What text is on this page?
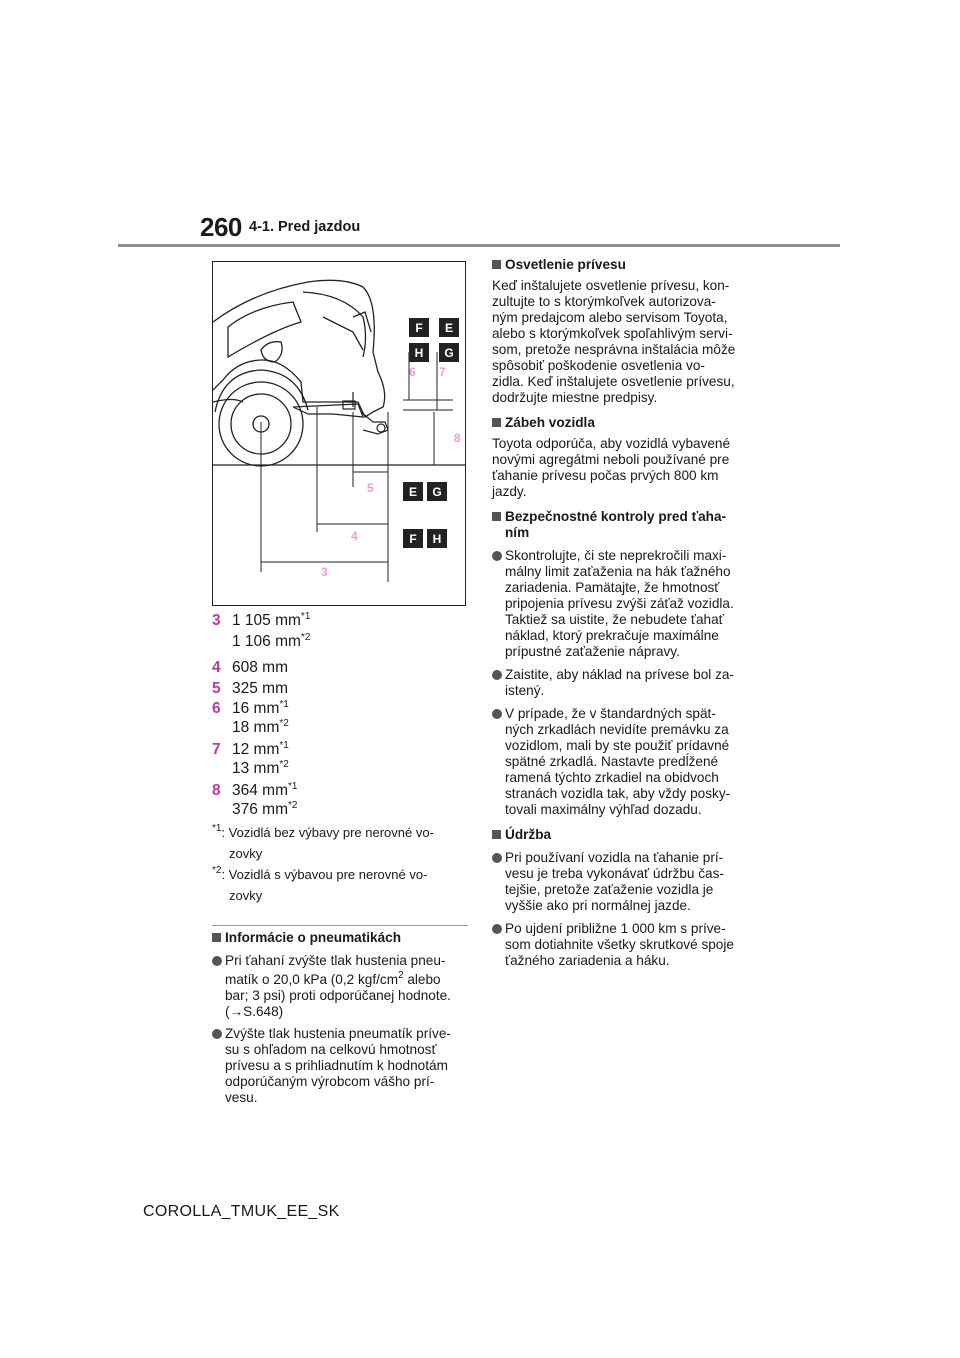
260 4-1. Pred jazdou
6 7
8
5
4
3
F E
H G
E G
F H
3 1 105 $mm^{*1}$
1 106 $mm^{*2}$
4 608 mm
5 325 mm
6 16 $mm^{*1}$
18 $mm^{*2}$
7 12 $mm^{*1}$
13 $mm^{*2}$
8 364 $mm^{*1}$
376 $mm^{*2}$
$^{*1}$: Vozidlá bez výbavy pre nerovné vo-
zovky
$^{*2}$: Vozidlá s výbavou pre nerovné vo-
zovky
Informácie o pneumatikách
Pri ťahaní zvýšte tlak hustenia pneu-
matík o 20,0 kPa (0,2 kgf/$cm^2$ alebo
bar; 3 psi) proti odporúčanej hodnote.
(→S.648)
Zvýšte tlak hustenia pneumatík príve-
su s ohľadom na celkovú hmotnosť
prívesu a s prihliadnutím k hodnotám
odporúčaným výrobcom vášho prí-
vesu.
Osvetlenie prívesu
Keď inštalujete osvetlenie prívesu, kon-
zultujte to s ktorýmkoľvek autorizova-
ným predajcom alebo servisom Toyota,
alebo s ktorýmkoľvek spoľahlivým servi-
som, pretože nesprávna inštalácia môže
spôsobiť poškodenie osvetlenia vo-
zidla. Keď inštalujete osvetlenie prívesu,
dodržujte miestne predpisy.
Zábeh vozidla
Toyota odporúča, aby vozidlá vybavené
novými agregátmi neboli používané pre
ťahanie prívesu počas prvých 800 km
jazdy.
Bezpečnostné kontroly pred ťaha-
ním
Skontrolujte, či ste neprekročili maxi-
málny limit zaťaženia na hák ťažného
zariadenia. Pamätajte, že hmotnosť
pripojenia prívesu zvýši záťaž vozidla.
Taktiež sa uistite, že nebudete ťahať
náklad, ktorý prekračuje maximálne
prípustné zaťaženie nápravy.
Zaistite, aby náklad na prívese bol za-
istený.
V prípade, že v štandardných spät-
ných zrkadlách nevidíte premávku za
vozidlom, mali by ste použiť prídavné
spätné zrkadlá. Nastavte predĺžené
ramená týchto zrkadiel na obidvoch
stranách vozidla tak, aby vždy posky-
tovali maximálny výhľad dozadu.
Údržba
Pri používaní vozidla na ťahanie prí-
vesu je treba vykonávať údržbu čas-
tejšie, pretože zaťaženie vozidla je
vyššie ako pri normálnej jazde.
Po ujdení približne 1 000 km s príve-
som dotiahnite všetky skrutkové spoje
ťažného zariadenia a háku.
COROLLA_TMUK_EE_SK
